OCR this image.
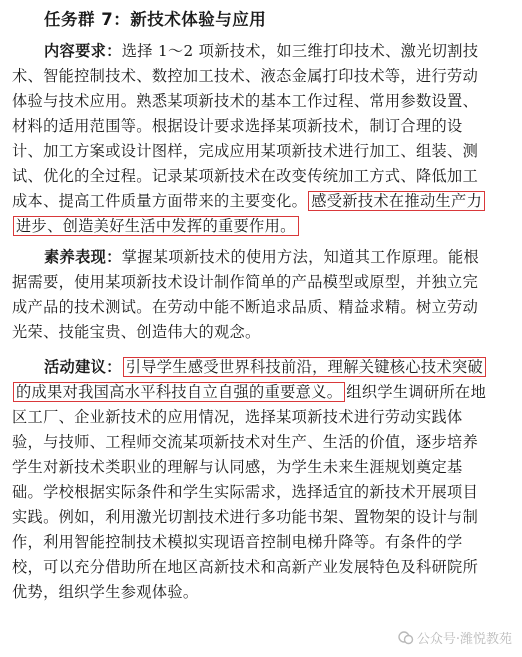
任务群 7：新技术体验与应用
内容要求：选择 1～2 项新技术，如三维打印技术、激光切割技
术、智能控制技术、数控加工技术、液态金属打印技术等，进行劳动
体验与技术应用。熟悉某项新技术的基本工作过程、常用参数设置、
材料的适用范围等。根据设计要求选择某项新技术，制订合理的设
计、加工方案或设计图样，完成应用某项新技术进行加工、组装、测
试、优化的全过程。记录某项新技术在改变传统加工方式、降低加工
成本、提高工件质量方面带来的主要变化。 感受新技术在推动生产力
进步、创造美好生活中发挥的重要作用。
素养表现：掌握某项新技术的使用方法，知道其工作原理。能根
据需要，使用某项新技术设计制作简单的产品模型或原型，并独立完
成产品的技术测试。在劳动中能不断追求品质、精益求精。树立劳动
光荣、技能宝贵、创造伟大的观念。
活动建议： 引导学生感受世界科技前沿，理解关键核心技术突破
的成果对我国高水平科技自立自强的重要意义。 组织学生调研所在地
区工厂、企业新技术的应用情况，选择某项新技术进行劳动实践体
验，与技师、工程师交流某项新技术对生产、生活的价值，逐步培养
学生对新技术类职业的理解与认同感，为学生未来生涯规划奠定基
础。学校根据实际条件和学生实际需求，选择适宜的新技术开展项目
实践。例如，利用激光切割技术进行多功能书架、置物架的设计与制
作，利用智能控制技术模拟实现语音控制电梯升降等。有条件的学
校，可以充分借助所在地区高新技术和高新产业发展特色及科研院所
优势，组织学生参观体验。
公众号·潍悦教苑
